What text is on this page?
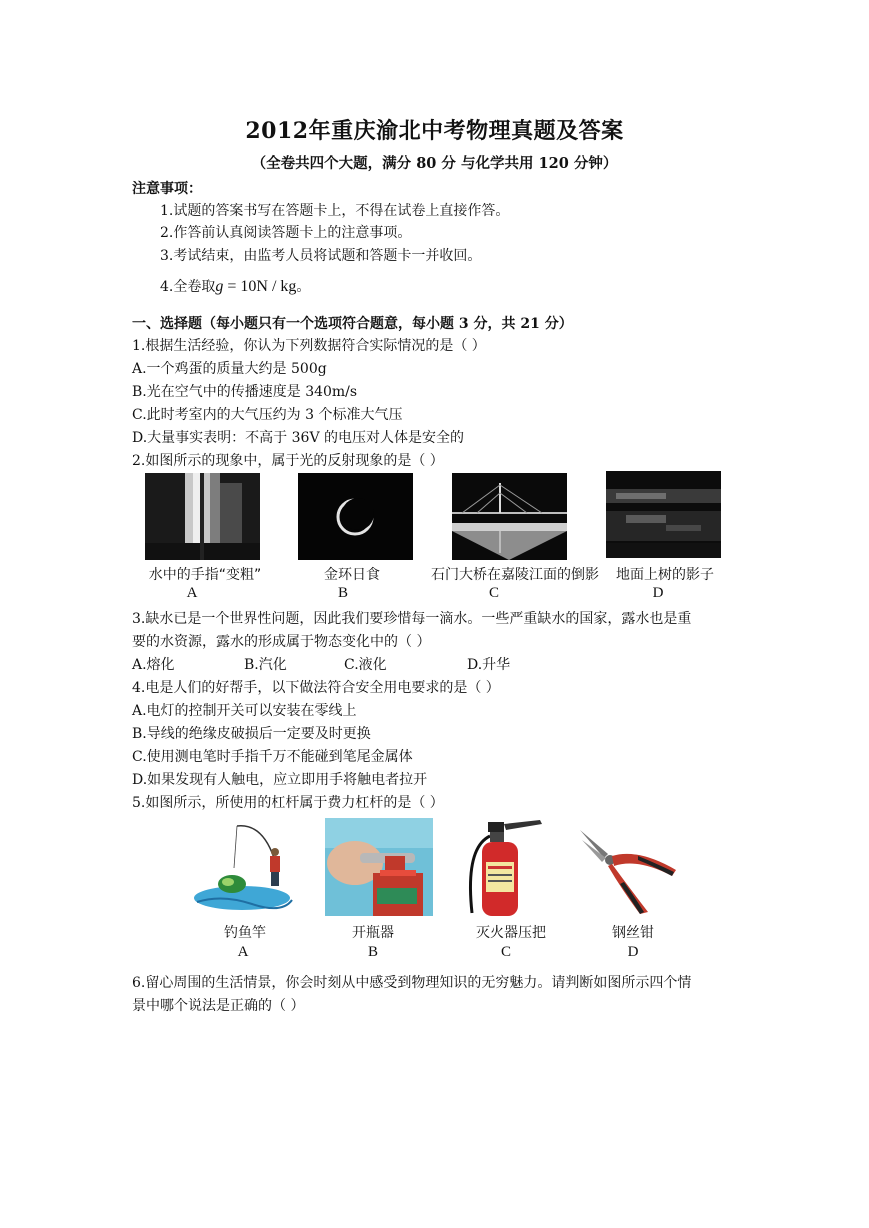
2012年重庆渝北中考物理真题及答案
（全卷共四个大题，满分 80 分 与化学共用 120 分钟）
注意事项：
1.试题的答案书写在答题卡上，不得在试卷上直接作答。
2.作答前认真阅读答题卡上的注意事项。
3.考试结束，由监考人员将试题和答题卡一并收回。
4.全卷取g = 10N / kg。
一、选择题（每小题只有一个选项符合题意，每小题 3 分，共 21 分）
1.根据生活经验，你认为下列数据符合实际情况的是（ ）
A.一个鸡蛋的质量大约是 500g
B.光在空气中的传播速度是 340m/s
C.此时考室内的大气压约为 3 个标准大气压
D.大量事实表明：不高于 36V 的电压对人体是安全的
2.如图所示的现象中，属于光的反射现象的是（ ）
水中的手指“变粗”	金环日食	石门大桥在嘉陵江面的倒影	地面上树的影子
A	B	C	D
3.缺水已是一个世界性问题，因此我们要珍惜每一滴水。一些严重缺水的国家，露水也是重
要的水资源，露水的形成属于物态变化中的（ ）
A.熔化	B.汽化	C.液化	D.升华
4.电是人们的好帮手，以下做法符合安全用电要求的是（ ）
A.电灯的控制开关可以安装在零线上
B.导线的绝缘皮破损后一定要及时更换
C.使用测电笔时手指千万不能碰到笔尾金属体
D.如果发现有人触电，应立即用手将触电者拉开
5.如图所示，所使用的杠杆属于费力杠杆的是（ ）
钓鱼竿	开瓶器	灭火器压把	钢丝钳
A	B	C	D
6.留心周围的生活情景，你会时刻从中感受到物理知识的无穷魅力。请判断如图所示四个情
景中哪个说法是正确的（ ）
